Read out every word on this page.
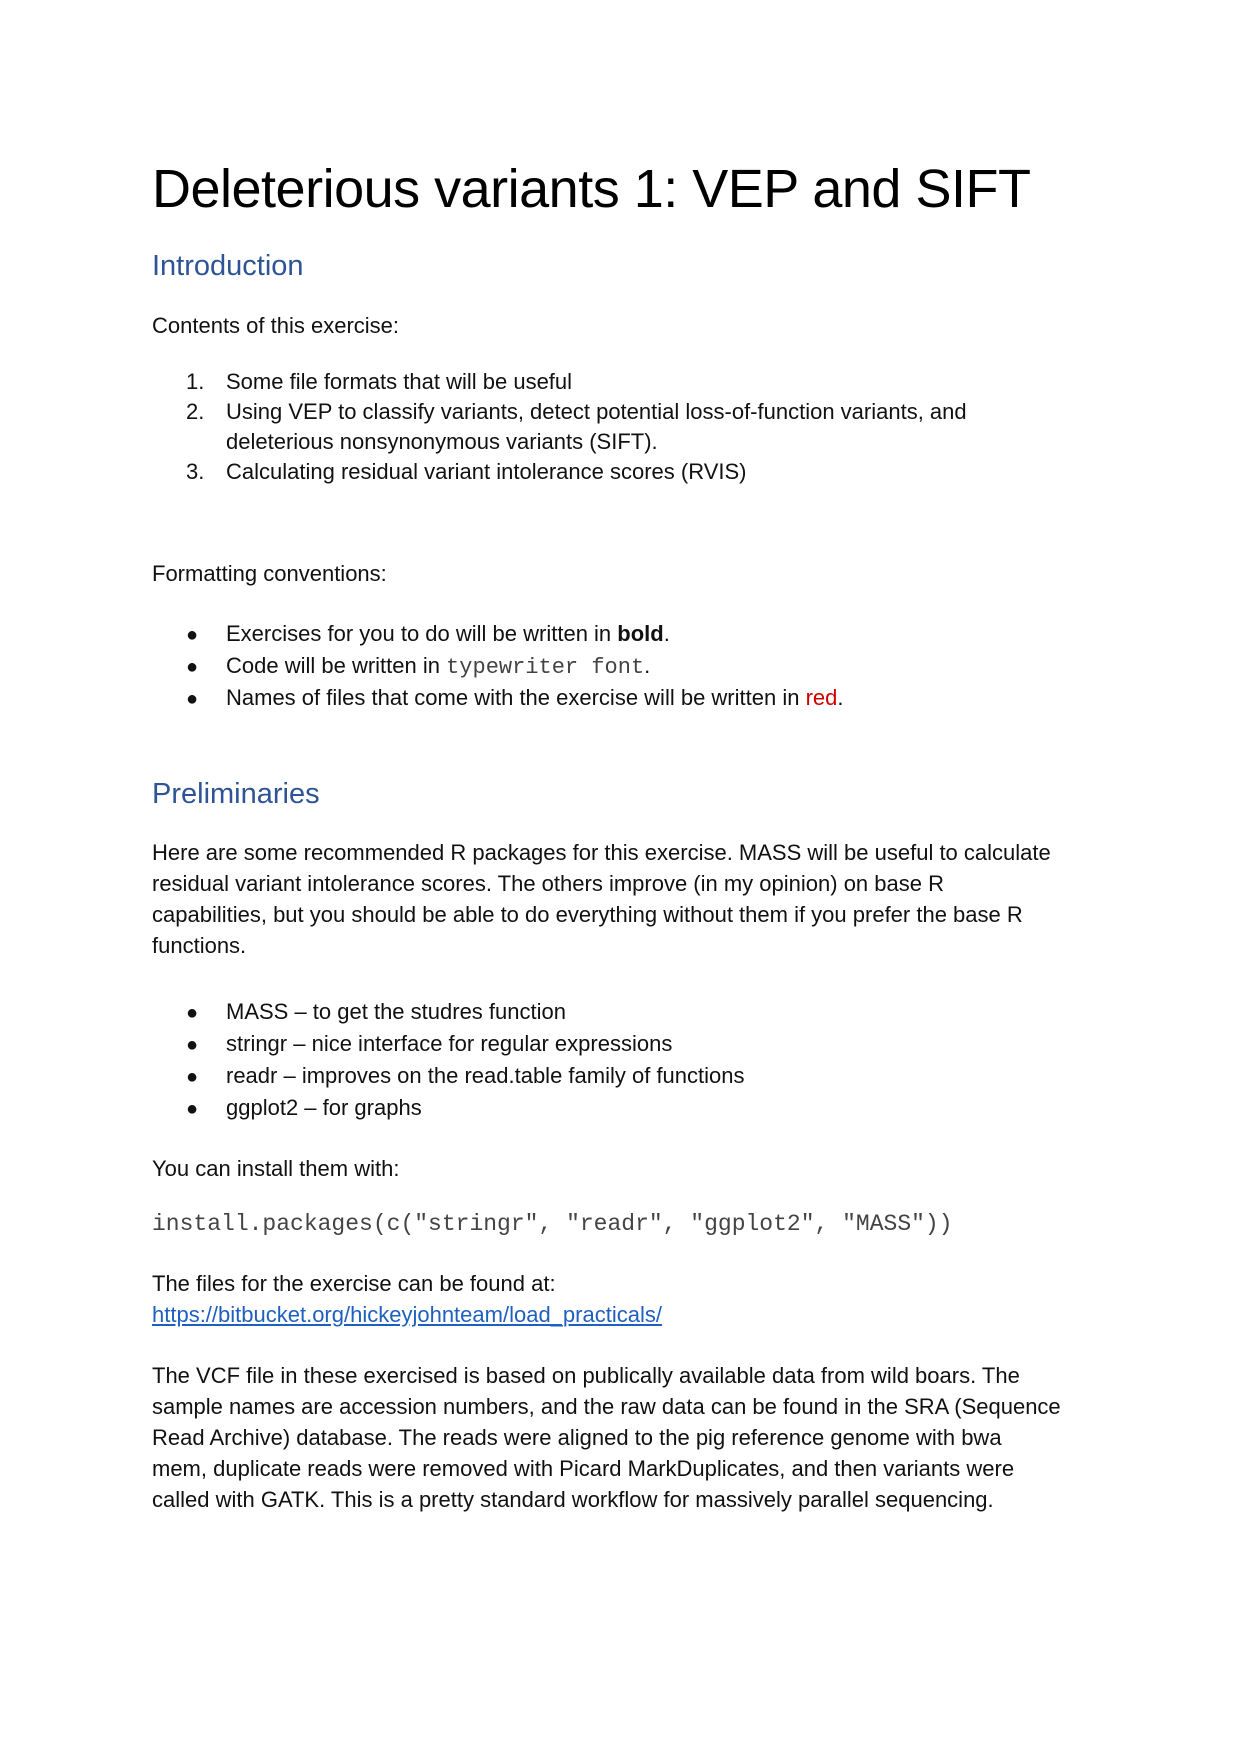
Deleterious variants 1: VEP and SIFT
Introduction

Contents of this exercise:

1. Some file formats that will be useful
2. Using VEP to classify variants, detect potential loss-of-function variants, and
deleterious nonsynonymous variants (SIFT).
3. Calculating residual variant intolerance scores (RVIS)

Formatting conventions:

● Exercises for you to do will be written in bold.
● Code will be written in typewriter font.
● Names of files that come with the exercise will be written in red.
Preliminaries

Here are some recommended R packages for this exercise. MASS will be useful to calculate
residual variant intolerance scores. The others improve (in my opinion) on base R
capabilities, but you should be able to do everything without them if you prefer the base R
functions.

● MASS – to get the studres function
● stringr – nice interface for regular expressions
● readr – improves on the read.table family of functions
● ggplot2 – for graphs

You can install them with:

install.packages(c("stringr", "readr", "ggplot2", "MASS"))

The files for the exercise can be found at:

https://bitbucket.org/hickeyjohnteam/load_practicals/

The VCF file in these exercised is based on publically available data from wild boars. The
sample names are accession numbers, and the raw data can be found in the SRA (Sequence
Read Archive) database. The reads were aligned to the pig reference genome with bwa
mem, duplicate reads were removed with Picard MarkDuplicates, and then variants were
called with GATK. This is a pretty standard workflow for massively parallel sequencing.
